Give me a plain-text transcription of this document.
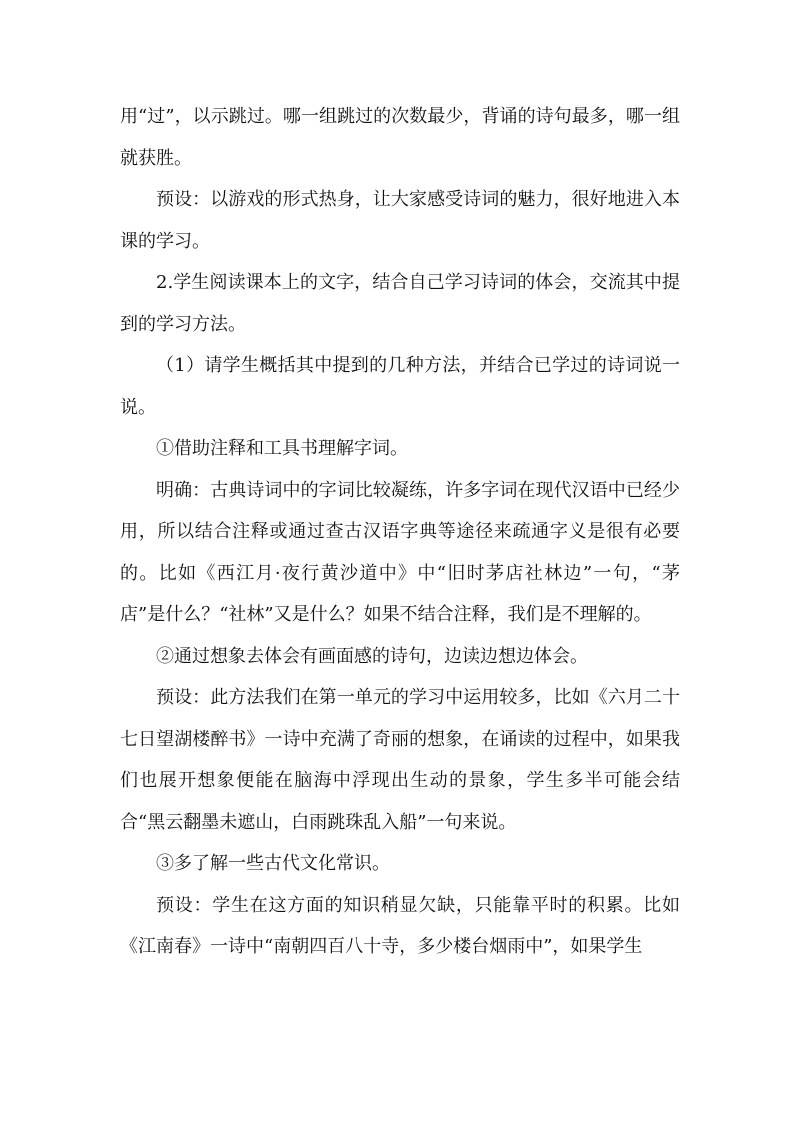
用“过”，以示跳过。哪一组跳过的次数最少，背诵的诗句最多，哪一组就获胜。

预设：以游戏的形式热身，让大家感受诗词的魅力，很好地进入本课的学习。

2.学生阅读课本上的文字，结合自己学习诗词的体会，交流其中提到的学习方法。

（1）请学生概括其中提到的几种方法，并结合已学过的诗词说一说。

①借助注释和工具书理解字词。

明确：古典诗词中的字词比较凝练，许多字词在现代汉语中已经少用，所以结合注释或通过查古汉语字典等途径来疏通字义是很有必要的。比如《西江月·夜行黄沙道中》中“旧时茅店社林边”一句，“茅店”是什么？“社林”又是什么？如果不结合注释，我们是不理解的。

②通过想象去体会有画面感的诗句，边读边想边体会。

预设：此方法我们在第一单元的学习中运用较多，比如《六月二十七日望湖楼醉书》一诗中充满了奇丽的想象，在诵读的过程中，如果我们也展开想象便能在脑海中浮现出生动的景象，学生多半可能会结合“黑云翻墨未遮山，白雨跳珠乱入船”一句来说。

③多了解一些古代文化常识。

预设：学生在这方面的知识稍显欠缺，只能靠平时的积累。比如《江南春》一诗中“南朝四百八十寺，多少楼台烟雨中”，如果学生
